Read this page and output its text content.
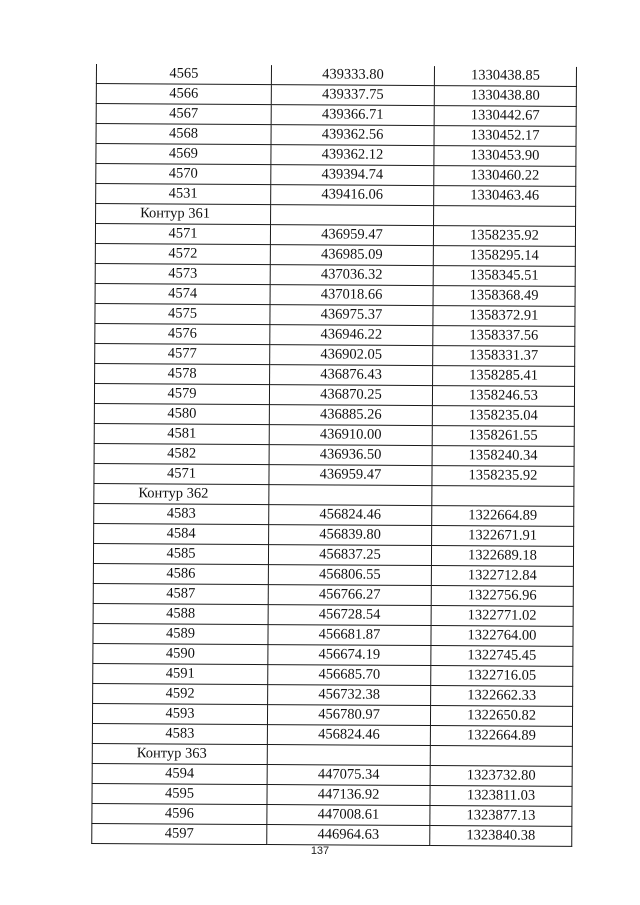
4565	439333.80	1330438.85
4566	439337.75	1330438.80
4567	439366.71	1330442.67
4568	439362.56	1330452.17
4569	439362.12	1330453.90
4570	439394.74	1330460.22
4531	439416.06	1330463.46
Контур 361		
4571	436959.47	1358235.92
4572	436985.09	1358295.14
4573	437036.32	1358345.51
4574	437018.66	1358368.49
4575	436975.37	1358372.91
4576	436946.22	1358337.56
4577	436902.05	1358331.37
4578	436876.43	1358285.41
4579	436870.25	1358246.53
4580	436885.26	1358235.04
4581	436910.00	1358261.55
4582	436936.50	1358240.34
4571	436959.47	1358235.92
Контур 362		
4583	456824.46	1322664.89
4584	456839.80	1322671.91
4585	456837.25	1322689.18
4586	456806.55	1322712.84
4587	456766.27	1322756.96
4588	456728.54	1322771.02
4589	456681.87	1322764.00
4590	456674.19	1322745.45
4591	456685.70	1322716.05
4592	456732.38	1322662.33
4593	456780.97	1322650.82
4583	456824.46	1322664.89
Контур 363		
4594	447075.34	1323732.80
4595	447136.92	1323811.03
4596	447008.61	1323877.13
4597	446964.63	1323840.38
137
